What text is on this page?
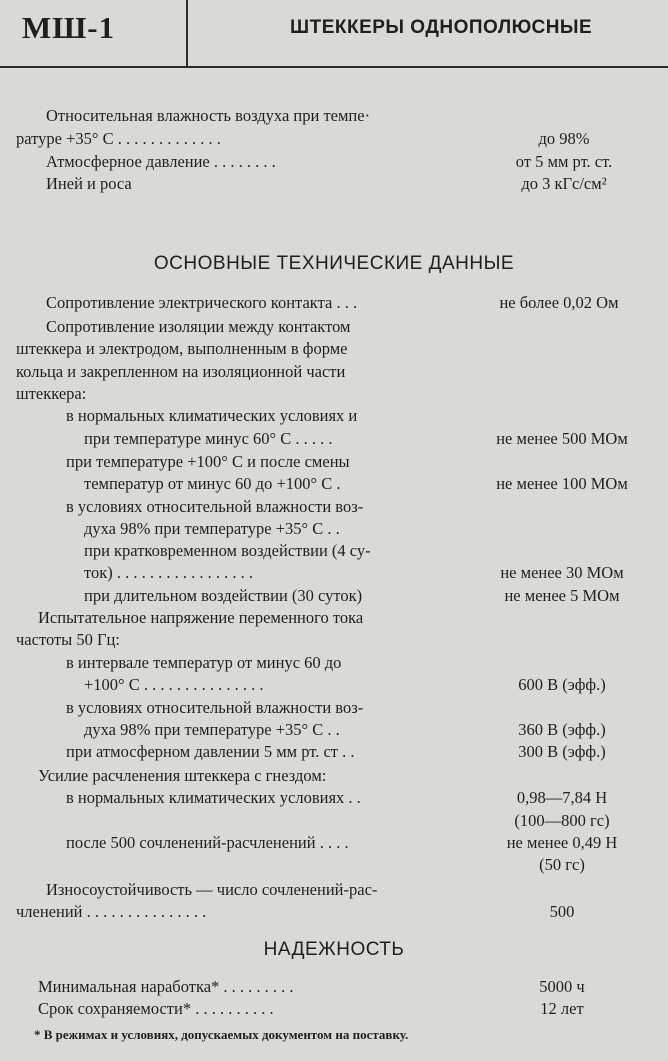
МШ-1	ШТЕККЕРЫ ОДНОПОЛЮСНЫЕ
Относительная влажность воздуха при темпе·
ратуре +35° С . . . . . . . . . . . . .	до 98%
Атмосферное давление . . . . . . . .	от 5 мм рт. ст.
Иней и роса	до 3 кГс/см²
ОСНОВНЫЕ ТЕХНИЧЕСКИЕ ДАННЫЕ
Сопротивление электрического контакта . . .	не более 0,02 Ом
Сопротивление изоляции между контактом
штеккера и электродом, выполненным в форме
кольца и закрепленном на изоляционной части
штеккера:
в нормальных климатических условиях и
при температуре минус 60° С . . . . .	не менее 500 МОм
при температуре +100° С и после смены
температур от минус 60 до +100° С .	не менее 100 МОм
в условиях относительной влажности воз-
духа 98% при температуре +35° С . .
при кратковременном воздействии (4 су-
ток) . . . . . . . . . . . . . . . . .	не менее 30 МОм
при длительном воздействии (30 суток)	не менее 5 МОм
Испытательное напряжение переменного тока
частоты 50 Гц:
в интервале температур от минус 60 до
+100° С . . . . . . . . . . . . . . .	600 В (эфф.)
в условиях относительной влажности воз-
духа 98% при температуре +35° С . .	360 В (эфф.)
при атмосферном давлении 5 мм рт. ст . .	300 В (эфф.)
Усилие расчленения штеккера с гнездом:
в нормальных климатических условиях . .	0,98—7,84 Н
(100—800 гс)
после 500 сочленений-расчленений . . . .	не менее 0,49 Н
(50 гс)
Износоустойчивость — число сочленений-рас-
членений . . . . . . . . . . . . . . .	500
НАДЕЖНОСТЬ
Минимальная наработка* . . . . . . . . .	5000 ч
Срок сохраняемости* . . . . . . . . . .	12 лет
* В режимах и условиях, допускаемых документом на поставку.
